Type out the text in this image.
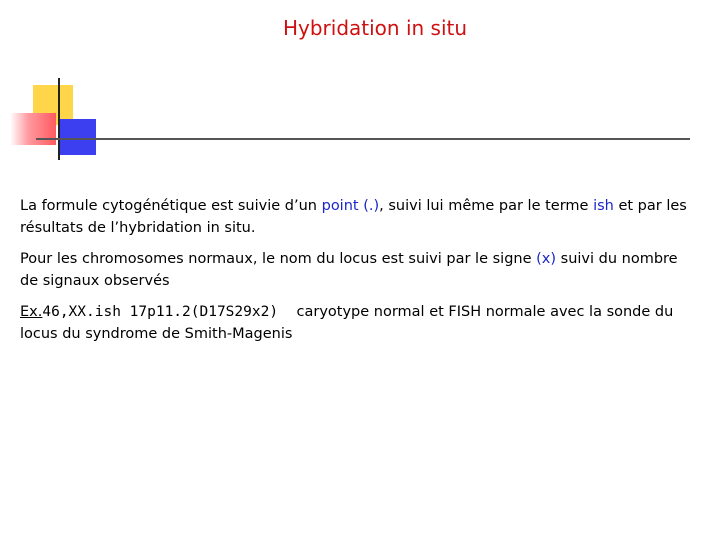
Hybridation in situ
La formule cytogénétique est suivie d’un point (.), suivi lui même par le terme ish et par les résultats de l’hybridation in situ.
Pour les chromosomes normaux, le nom du locus est suivi par le signe (x) suivi du nombre de signaux observés
Ex.46,XX.ish 17p11.2(D17S29x2) caryotype normal et FISH normale avec la sonde du locus du syndrome de Smith-Magenis
